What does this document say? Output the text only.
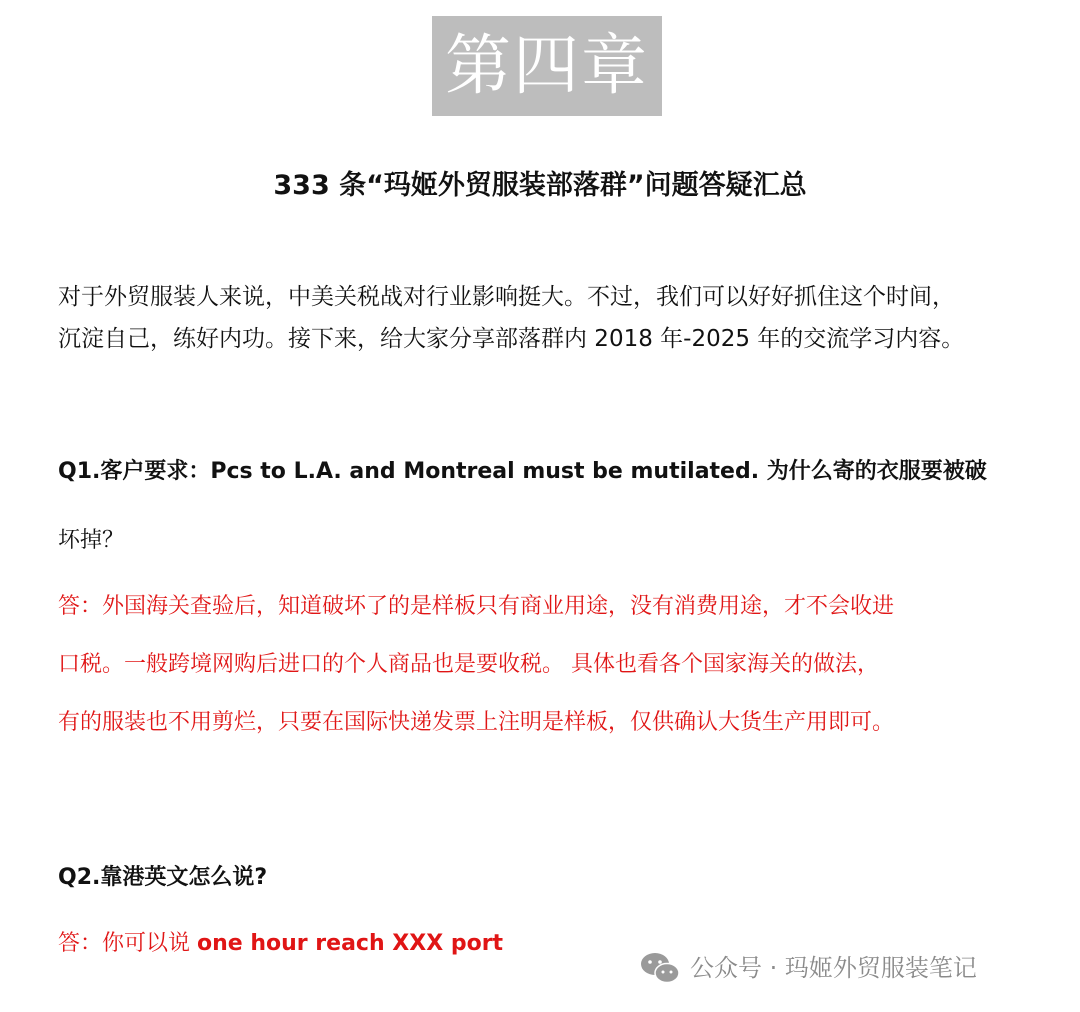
第四章
333 条“玛姬外贸服装部落群”问题答疑汇总
对于外贸服装人来说，中美关税战对行业影响挺大。不过，我们可以好好抓住这个时间，
沉淀自己，练好内功。接下来，给大家分享部落群内 2018 年-2025 年的交流学习内容。
Q1.客户要求：Pcs to L.A. and Montreal must be mutilated. 为什么寄的衣服要被破
坏掉？
答：外国海关查验后，知道破坏了的是样板只有商业用途，没有消费用途，才不会收进
口税。一般跨境网购后进口的个人商品也是要收税。 具体也看各个国家海关的做法，
有的服装也不用剪烂，只要在国际快递发票上注明是样板，仅供确认大货生产用即可。
Q2.靠港英文怎么说?
答：你可以说 one hour reach XXX port
公众号 · 玛姬外贸服装笔记
